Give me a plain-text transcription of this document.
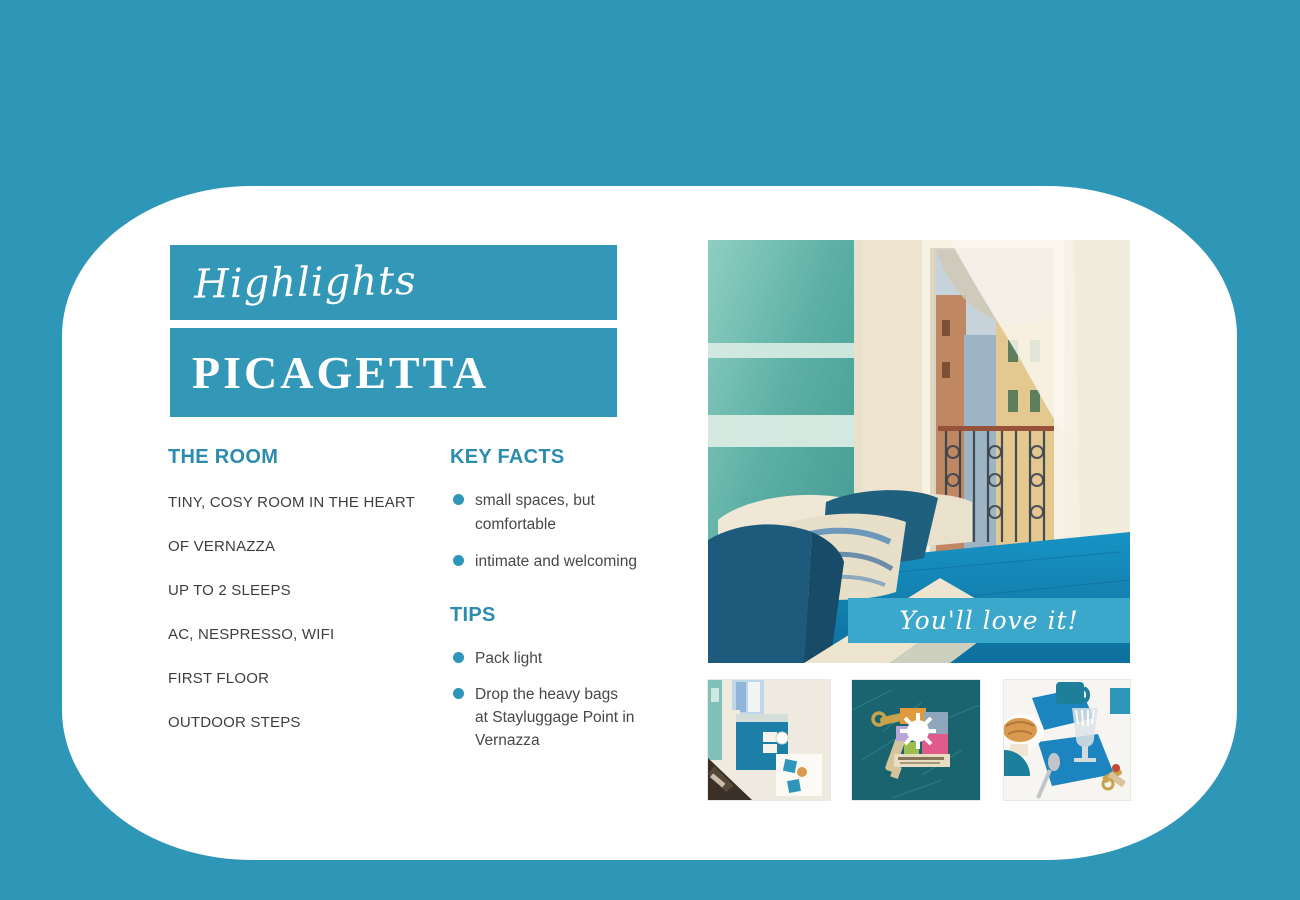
Highlights
PICAGETTA
THE ROOM
TINY, COSY ROOM IN THE HEART
OF VERNAZZA
UP TO 2 SLEEPS
AC, NESPRESSO, WIFI
FIRST FLOOR
OUTDOOR STEPS
KEY FACTS
small spaces, but comfortable
intimate and welcoming
TIPS
Pack light
Drop the heavy bags at Stayluggage Point in Vernazza
You'll love it!
